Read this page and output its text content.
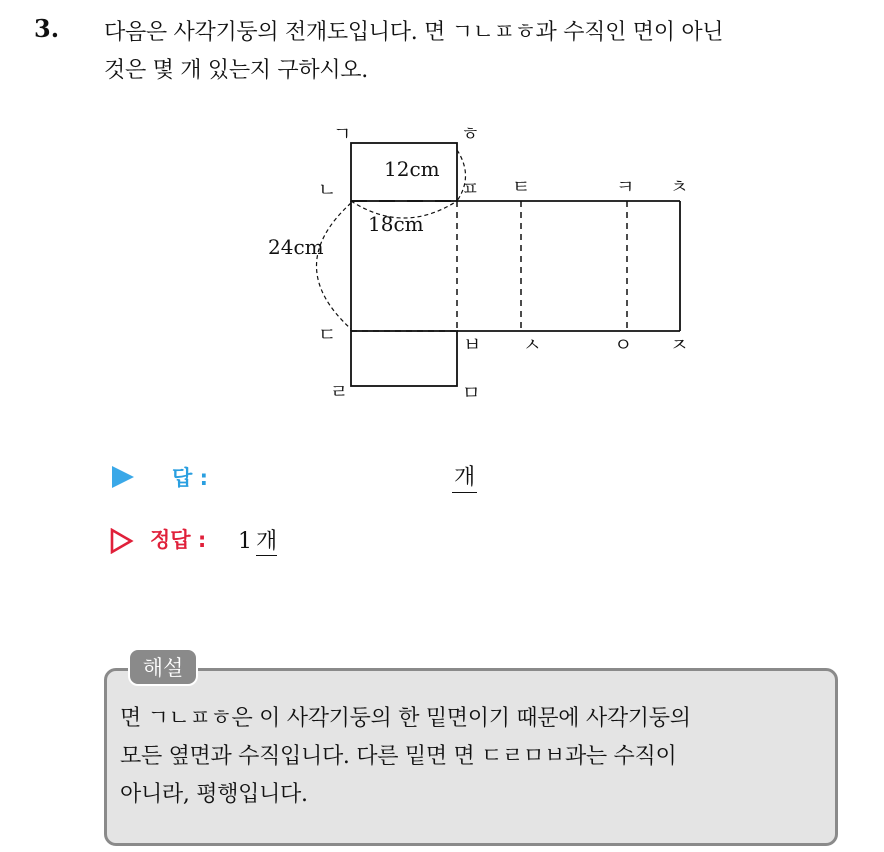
3. 다음은 사각기둥의 전개도입니다. 면 ㄱㄴㅍㅎ과 수직인 면이 아닌
것은 몇 개 있는지 구하시오.
ㄱ	ㅎ
ㄴ	ㅍ ㅌ	ㅋ ㅊ
ㄷ	ㅂ ㅅ	ㅇ ㅈ
ㄹ	ㅁ
12cm
18cm
24cm
답 :	개
정답 : 1 개
해설
면 ㄱㄴㅍㅎ은 이 사각기둥의 한 밑면이기 때문에 사각기둥의
모든 옆면과 수직입니다. 다른 밑면 면 ㄷㄹㅁㅂ과는 수직이
아니라, 평행입니다.
